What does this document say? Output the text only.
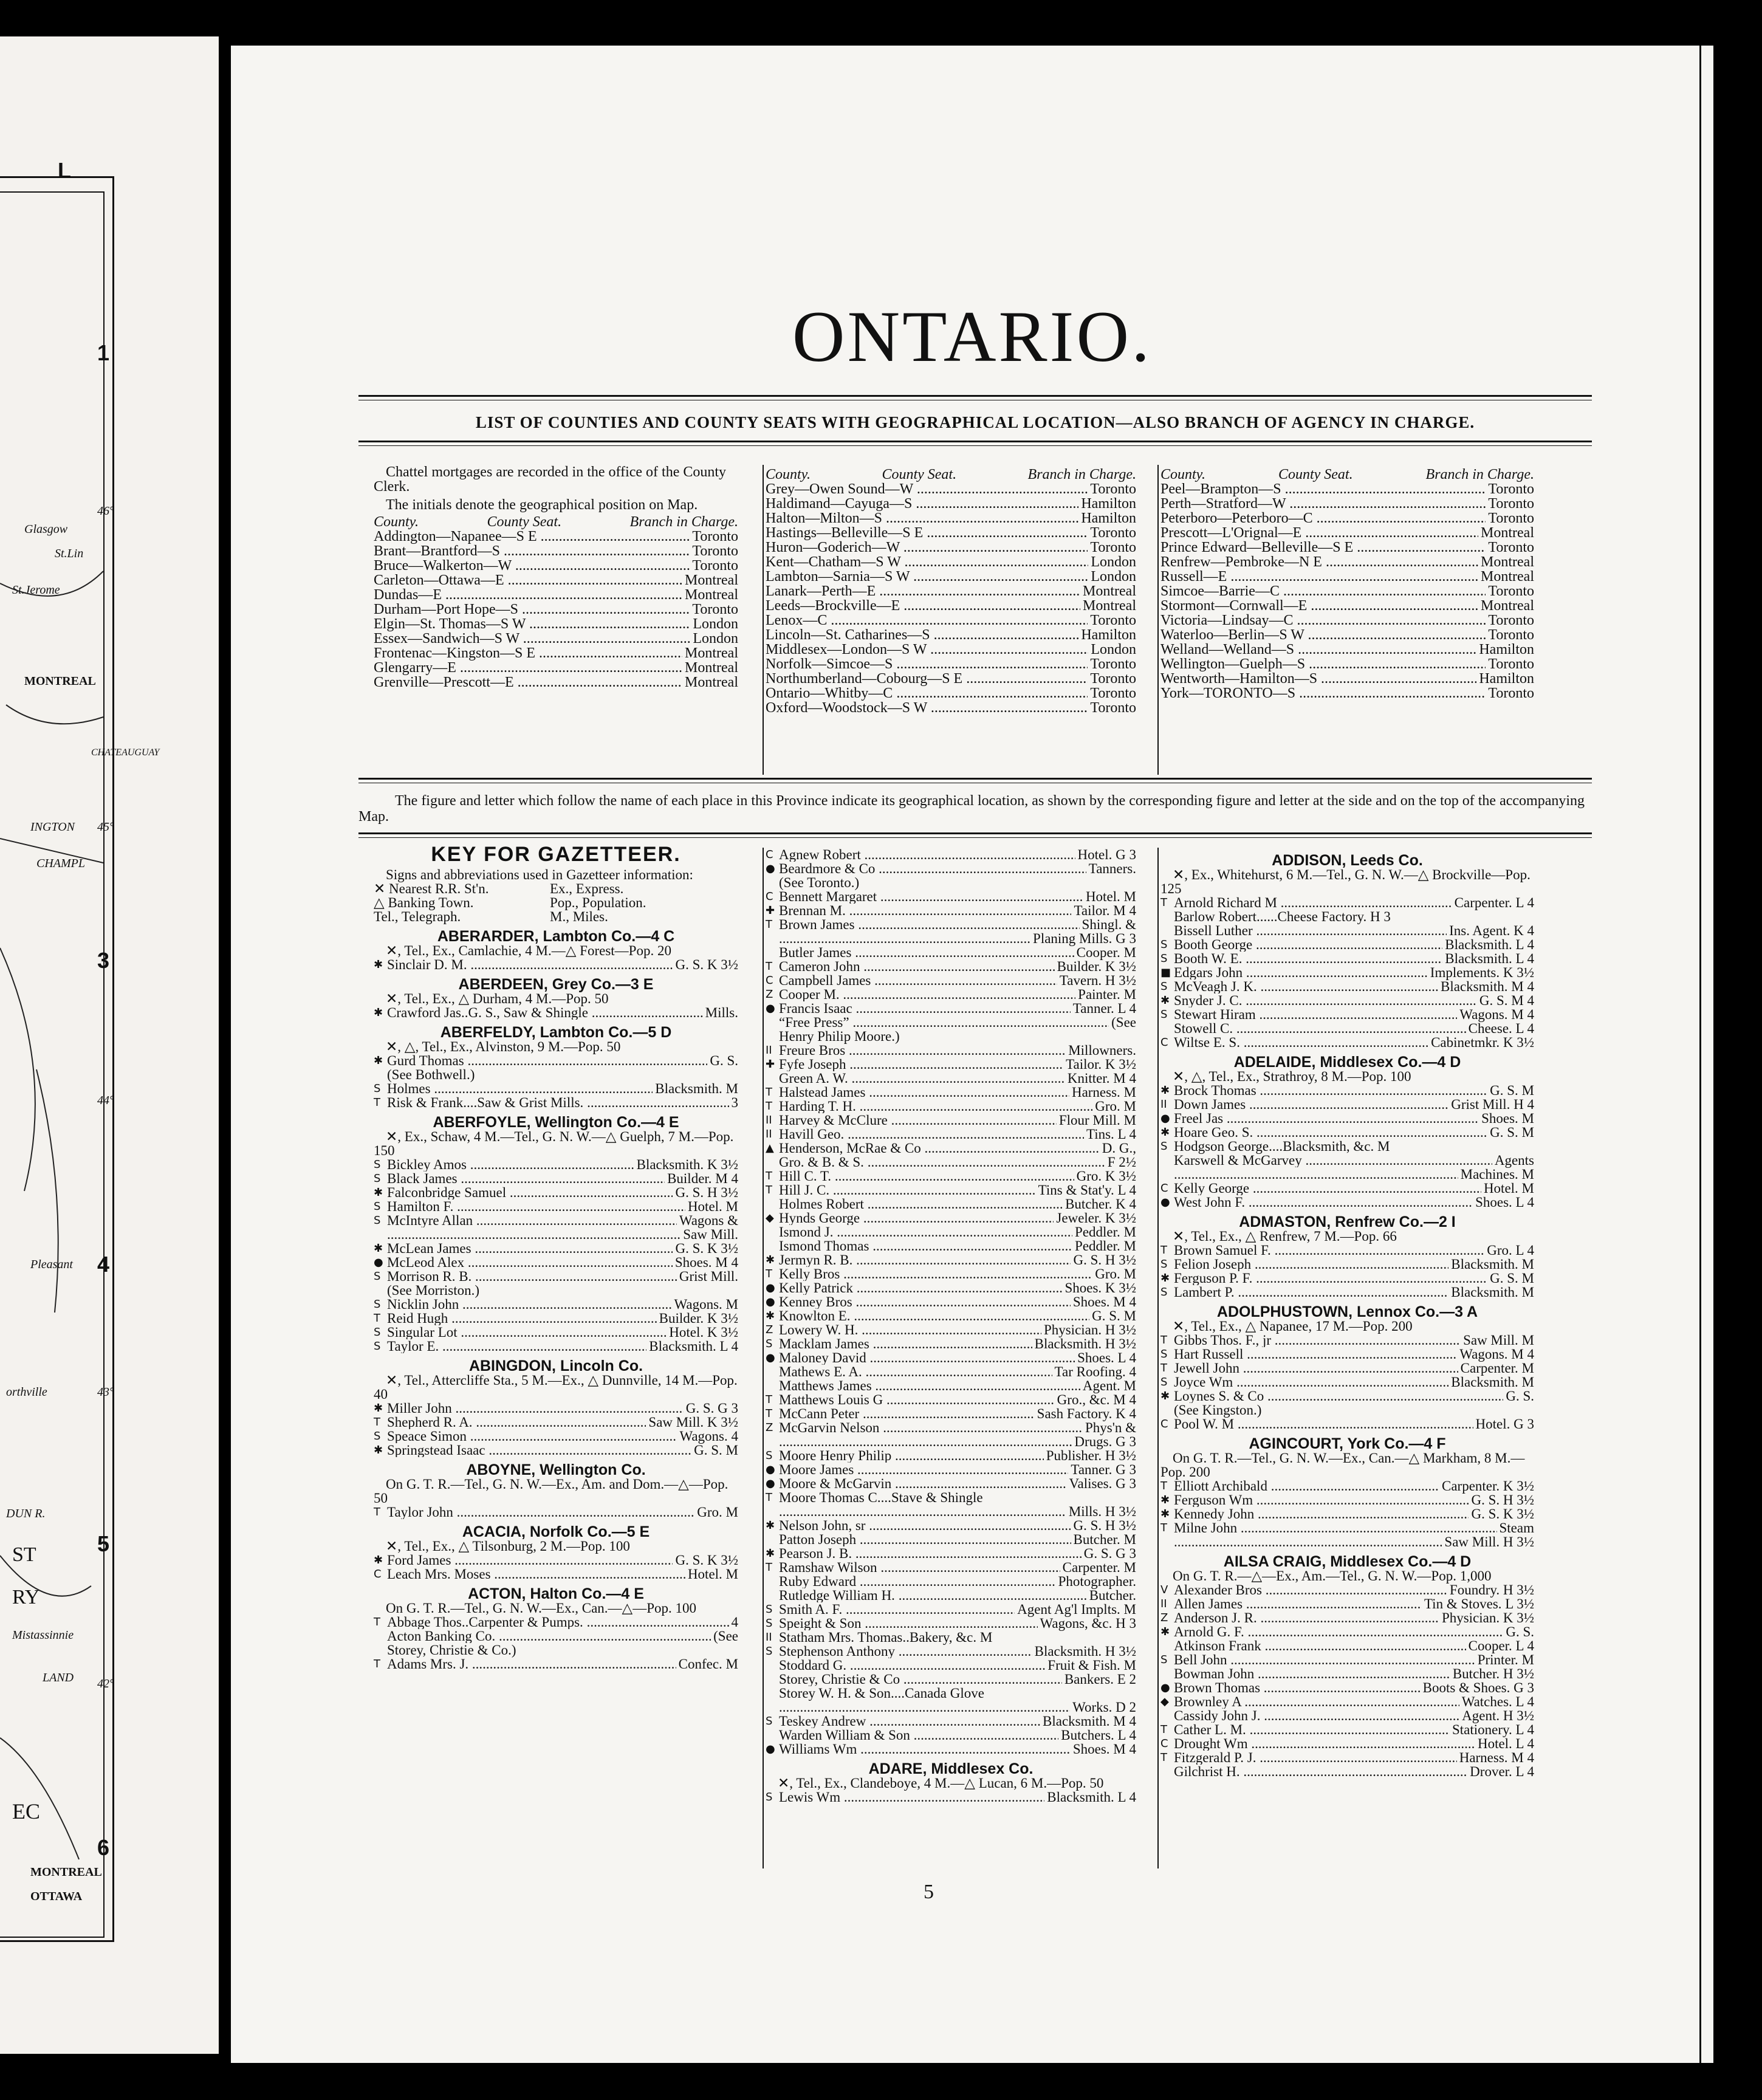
L
1
3
4
5
6
46°
45°
44°
43°
42°
Glasgow
St.Lin
St.Jerome
MONTREAL
CHATEAUGUAY
INGTON
CHAMPL
Pleasant
orthville
DUN R.
ST
RY
Mistassinnie
LAND
MONTREAL
OTTAWA
EC
ONTARIO.
LIST OF COUNTIES AND COUNTY SEATS WITH GEOGRAPHICAL LOCATION—ALSO BRANCH OF AGENCY IN CHARGE.

Chattel mortgages are recorded in the office of the County Clerk.

The initials denote the geographical position on Map.

County.	County Seat.	Branch in Charge.
Addington—Napanee—S E .....	Toronto
Brant—Brantford—S .....	Toronto
Bruce—Walkerton—W .....	Toronto
Carleton—Ottawa—E .....	Montreal
Dundas—E .....	Montreal
Durham—Port Hope—S .....	Toronto
Elgin—St. Thomas—S W .....	London
Essex—Sandwich—S W .....	London
Frontenac—Kingston—S E .....	Montreal
Glengarry—E .....	Montreal
Grenville—Prescott—E .....	Montreal
County.	County Seat.	Branch in Charge.
Grey—Owen Sound—W .....	Toronto
Haldimand—Cayuga—S .....	Hamilton
Halton—Milton—S .....	Hamilton
Hastings—Belleville—S E .....	Toronto
Huron—Goderich—W .....	Toronto
Kent—Chatham—S W .....	London
Lambton—Sarnia—S W .....	London
Lanark—Perth—E .....	Montreal
Leeds—Brockville—E .....	Montreal
Lenox—C .....	Toronto
Lincoln—St. Catharines—S .....	Hamilton
Middlesex—London—S W .....	London
Norfolk—Simcoe—S .....	Toronto
Northumberland—Cobourg—S E .....	Toronto
Ontario—Whitby—C .....	Toronto
Oxford—Woodstock—S W .....	Toronto
County.	County Seat.	Branch in Charge.
Peel—Brampton—S .....	Toronto
Perth—Stratford—W .....	Toronto
Peterboro—Peterboro—C .....	Toronto
Prescott—L'Orignal—E .....	Montreal
Prince Edward—Belleville—S E .....	Toronto
Renfrew—Pembroke—N E .....	Montreal
Russell—E .....	Montreal
Simcoe—Barrie—C .....	Toronto
Stormont—Cornwall—E .....	Montreal
Victoria—Lindsay—C .....	Toronto
Waterloo—Berlin—S W .....	Toronto
Welland—Welland—S .....	Hamilton
Wellington—Guelph—S .....	Toronto
Wentworth—Hamilton—S .....	Hamilton
York—TORONTO—S .....	Toronto
The figure and letter which follow the name of each place in this Province indicate its geographical location, as shown by the corresponding figure and letter at the side and on the top of the accompanying Map.
KEY FOR GAZETTEER.

Signs and abbreviations used in Gazetteer information:

✕ Nearest R.R. St'n.	Ex., Express.
△ Banking Town.	Pop., Population.
Tel., Telegraph.	M., Miles.
ABERARDER, Lambton Co.—4 C

✕, Tel., Ex., Camlachie, 4 M.—△ Forest—Pop. 20

✱ Sinclair D. M. .....	G. S. K 3½
ABERDEEN, Grey Co.—3 E

✕, Tel., Ex., △ Durham, 4 M.—Pop. 50

✱ Crawford Jas..G. S., Saw & Shingle .....	Mills.
ABERFELDY, Lambton Co.—5 D

✕, △, Tel., Ex., Alvinston, 9 M.—Pop. 50

✱ Gurd Thomas .....	G. S.
(See Bothwell.)
S Holmes .....	Blacksmith. M
T Risk & Frank....Saw & Grist Mills. .....	3
ABERFOYLE, Wellington Co.—4 E

✕, Ex., Schaw, 4 M.—Tel., G. N. W.—△ Guelph, 7 M.—Pop. 150

S Bickley Amos .....	Blacksmith. K 3½
S Black James .....	Builder. M 4
✱ Falconbridge Samuel .....	G. S. H 3½
S Hamilton F. .....	Hotel. M
S McIntyre Allan .....	Wagons &
.....
Saw Mill.
✱ McLean James .....	G. S. K 3½
● McLeod Alex .....	Shoes. M 4
S Morrison R. B. .....	Grist Mill.
(See Morriston.)
S Nicklin John .....	Wagons. M
T Reid Hugh .....	Builder. K 3½
S Singular Lot .....	Hotel. K 3½
S Taylor E. .....	Blacksmith. L 4
ABINGDON, Lincoln Co.

✕, Tel., Attercliffe Sta., 5 M.—Ex., △ Dunnville, 14 M.—Pop. 40

✱ Miller John .....	G. S. G 3
T Shepherd R. A. .....	Saw Mill. K 3½
S Speace Simon .....	Wagons. 4
✱ Springstead Isaac .....	G. S. M
ABOYNE, Wellington Co.

On G. T. R.—Tel., G. N. W.—Ex., Am. and Dom.—△—Pop. 50

T Taylor John .....	Gro. M
ACACIA, Norfolk Co.—5 E

✕, Tel., Ex., △ Tilsonburg, 2 M.—Pop. 100

✱ Ford James .....	G. S. K 3½
C Leach Mrs. Moses .....	Hotel. M
ACTON, Halton Co.—4 E

On G. T. R.—Tel., G. N. W.—Ex., Can.—△—Pop. 100

T Abbage Thos..Carpenter & Pumps. .....	4
Acton Banking Co. .....	(See
Storey, Christie & Co.)
T Adams Mrs. J. .....	Confec. M
C Agnew Robert .....	Hotel. G 3
● Beardmore & Co .....	Tanners.
(See Toronto.)
C Bennett Margaret .....	Hotel. M
✚ Brennan M. .....	Tailor. M 4
T Brown James .....	Shingl. &
.....
Planing Mills. G 3
Butler James .....	Cooper. M
T Cameron John .....	Builder. K 3½
C Campbell James .....	Tavern. H 3½
Z Cooper M. .....	Painter. M
● Francis Isaac .....	Tanner. L 4
“Free Press” .....	(See
Henry Philip Moore.)
II Freure Bros .....	Millowners.
✚ Fyfe Joseph .....	Tailor. K 3½
Green A. W. .....	Knitter. M 4
T Halstead James .....	Harness. M
T Harding T. H. .....	Gro. M
II Harvey & McClure .....	Flour Mill. M
II Havill Geo. .....	Tins. L 4
▲ Henderson, McRae & Co .....	D. G.,
Gro. & B. & S. .....	F 2½
T Hill C. T. .....	Gro. K 3½
T Hill J. C. .....	Tins & Stat'y. L 4
Holmes Robert .....	Butcher. K 4
◆ Hynds George .....	Jeweler. K 3½
Ismond J. .....	Peddler. M
Ismond Thomas .....	Peddler. M
✱ Jermyn R. B. .....	G. S. H 3½
T Kelly Bros .....	Gro. M
● Kelly Patrick .....	Shoes. K 3½
● Kenney Bros .....	Shoes. M 4
✱ Knowlton E. .....	G. S. M
Z Lowery W. H. .....	Physician. H 3½
S Macklam James .....	Blacksmith. H 3½
● Maloney David .....	Shoes. L 4
Mathews E. A. .....	Tar Roofing. 4
Matthews James .....	Agent. M
T Matthews Louis G .....	Gro., &c. M 4
T McCann Peter .....	Sash Factory. K 4
Z McGarvin Nelson .....	Phys'n &
.....
Drugs. G 3
S Moore Henry Philip .....	Publisher. H 3½
● Moore James .....	Tanner. G 3
● Moore & McGarvin .....	Valises. G 3
T Moore Thomas C....Stave & Shingle
.....
Mills. H 3½
✱ Nelson John, sr .....	G. S. H 3½
Patton Joseph .....	Butcher. M
✱ Pearson J. B. .....	G. S. G 3
T Ramshaw Wilson .....	Carpenter. M
Ruby Edward .....	Photographer.
Rutledge William H. .....	Butcher.
S Smith A. F. .....	Agent Ag'l Implts. M
S Speight & Son .....	Wagons, &c. H 3
II Statham Mrs. Thomas..Bakery, &c. M
S Stephenson Anthony .....	Blacksmith. H 3½
Stoddard G. .....	Fruit & Fish. M
Storey, Christie & Co .....	Bankers. E 2
Storey W. H. & Son....Canada Glove
.....
Works. D 2
S Teskey Andrew .....	Blacksmith. M 4
Warden William & Son .....	Butchers. L 4
● Williams Wm .....	Shoes. M 4
ADARE, Middlesex Co.

✕, Tel., Ex., Clandeboye, 4 M.—△ Lucan, 6 M.—Pop. 50

S Lewis Wm .....	Blacksmith. L 4
ADDISON, Leeds Co.

✕, Ex., Whitehurst, 6 M.—Tel., G. N. W.—△ Brockville—Pop. 125

T Arnold Richard M .....	Carpenter. L 4
Barlow Robert......Cheese Factory. H 3
Bissell Luther .....	Ins. Agent. K 4
S Booth George .....	Blacksmith. L 4
S Booth W. E. .....	Blacksmith. L 4
■ Edgars John .....	Implements. K 3½
S McVeagh J. K. .....	Blacksmith. M 4
✱ Snyder J. C. .....	G. S. M 4
S Stewart Hiram .....	Wagons. M 4
Stowell C. .....	Cheese. L 4
C Wiltse E. S. .....	Cabinetmkr. K 3½
ADELAIDE, Middlesex Co.—4 D

✕, △, Tel., Ex., Strathroy, 8 M.—Pop. 100

✱ Brock Thomas .....	G. S. M
II Down James .....	Grist Mill. H 4
● Freel Jas .....	Shoes. M
✱ Hoare Geo. S. .....	G. S. M
S Hodgson George....Blacksmith, &c. M
Karswell & McGarvey .....	Agents
.....
Machines. M
C Kelly George .....	Hotel. M
● West John F. .....	Shoes. L 4
ADMASTON, Renfrew Co.—2 I

✕, Tel., Ex., △ Renfrew, 7 M.—Pop. 66

T Brown Samuel F. .....	Gro. L 4
S Felion Joseph .....	Blacksmith. M
✱ Ferguson P. F. .....	G. S. M
S Lambert P. .....	Blacksmith. M
ADOLPHUSTOWN, Lennox Co.—3 A

✕, Tel., Ex., △ Napanee, 17 M.—Pop. 200

T Gibbs Thos. F., jr .....	Saw Mill. M
S Hart Russell .....	Wagons. M 4
T Jewell John .....	Carpenter. M
S Joyce Wm .....	Blacksmith. M
✱ Loynes S. & Co .....	G. S.
(See Kingston.)
C Pool W. M .....	Hotel. G 3
AGINCOURT, York Co.—4 F

On G. T. R.—Tel., G. N. W.—Ex., Can.—△ Markham, 8 M.—Pop. 200

T Elliott Archibald .....	Carpenter. K 3½
✱ Ferguson Wm .....	G. S. H 3½
✱ Kennedy John .....	G. S. K 3½
T Milne John .....	Steam
.....
Saw Mill. H 3½
AILSA CRAIG, Middlesex Co.—4 D

On G. T. R.—△—Ex., Am.—Tel., G. N. W.—Pop. 1,000

V Alexander Bros .....	Foundry. H 3½
II Allen James .....	Tin & Stoves. L 3½
Z Anderson J. R. .....	Physician. K 3½
✱ Arnold G. F. .....	G. S.
Atkinson Frank .....	Cooper. L 4
S Bell John .....	Printer. M
Bowman John .....	Butcher. H 3½
● Brown Thomas .....	Boots & Shoes. G 3
◆ Brownley A .....	Watches. L 4
Cassidy John J. .....	Agent. H 3½
T Cather L. M. .....	Stationery. L 4
C Drought Wm .....	Hotel. L 4
T Fitzgerald P. J. .....	Harness. M 4
Gilchrist H. .....	Drover. L 4
5
